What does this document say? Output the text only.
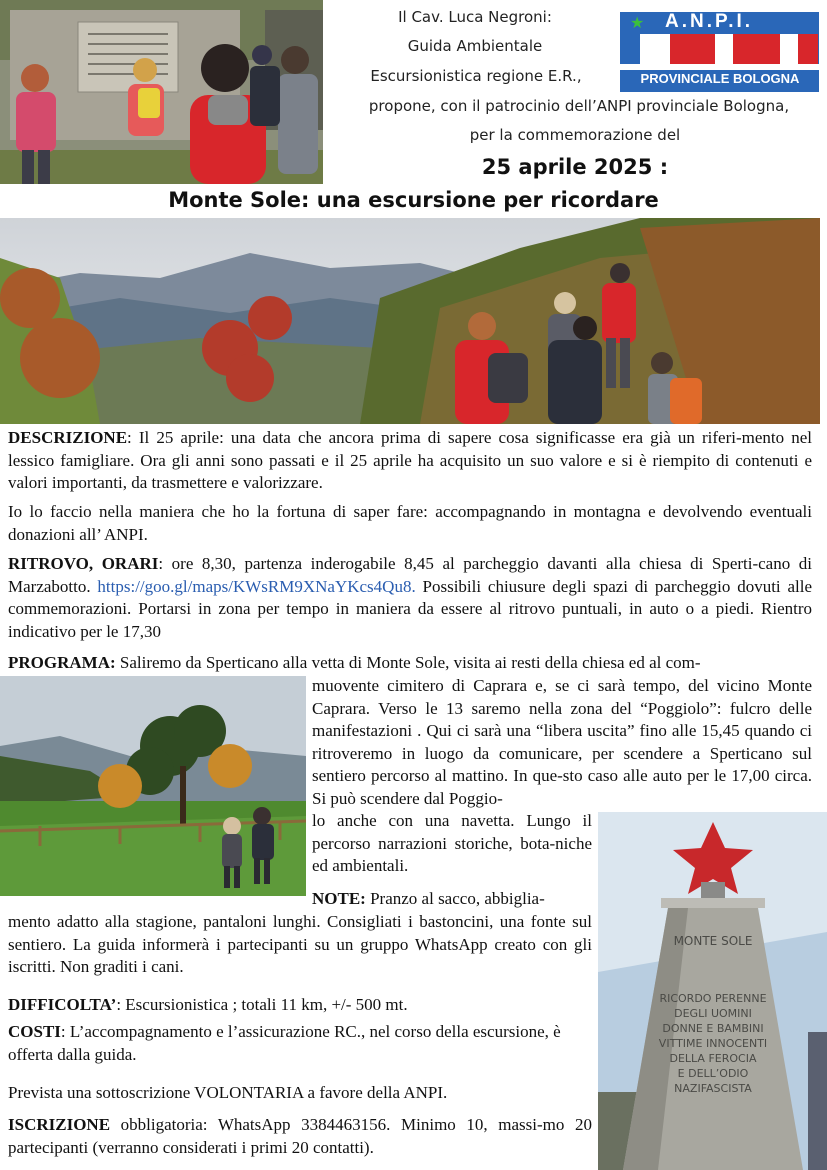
Il Cav. Luca Negroni:
Guida Ambientale
Escursionistica regione E.R.,
propone, con il patrocinio dell’ANPI provinciale Bologna,
per la commemorazione del
25 aprile 2025 :
Monte Sole: una escursione per ricordare
★ A.N.P.I.
PROVINCIALE BOLOGNA
DESCRIZIONE: Il 25 aprile: una data che ancora prima di sapere cosa significasse era già un riferi-mento nel lessico famigliare. Ora gli anni sono passati e il 25 aprile ha acquisito un suo valore e si è riempito di contenuti e valori importanti, da trasmettere e valorizzare.
Io lo faccio nella maniera che ho la fortuna di saper fare: accompagnando in montagna e devolvendo eventuali donazioni all’ ANPI.
RITROVO, ORARI: ore 8,30, partenza inderogabile 8,45 al parcheggio davanti alla chiesa di Sperti-cano di Marzabotto. https://goo.gl/maps/KWsRM9XNaYKcs4Qu8. Possibili chiusure degli spazi di parcheggio dovuti alle commemorazioni. Portarsi in zona per tempo in maniera da essere al ritrovo puntuali, in auto o a piedi. Rientro indicativo per le 17,30
PROGRAMA: Saliremo da Sperticano alla vetta di Monte Sole, visita ai resti della chiesa ed al com-
muovente cimitero di Caprara e, se ci sarà tempo, del vicino Monte Caprara. Verso le 13 saremo nella zona del “Poggiolo”: fulcro delle manifestazioni . Qui ci sarà una “libera uscita” fino alle 15,45 quando ci ritroveremo in luogo da comunicare, per scendere a Sperticano sul sentiero percorso al mattino. In que-sto caso alle auto per le 17,00 circa. Si può scendere dal Poggio-
lo anche con una navetta. Lungo il percorso narrazioni storiche, bota-niche ed ambientali.
NOTE: Pranzo al sacco, abbiglia-
mento adatto alla stagione, pantaloni lunghi. Consigliati i bastoncini, una fonte sul sentiero. La guida informerà i partecipanti su un gruppo WhatsApp creato con gli iscritti. Non graditi i cani.
DIFFICOLTA’: Escursionistica ; totali 11 km, +/- 500 mt.
COSTI: L’accompagnamento e l’assicurazione RC., nel corso della escursione, è offerta dalla guida.
Prevista una sottoscrizione VOLONTARIA a favore della ANPI.
ISCRIZIONE obbligatoria: WhatsApp 3384463156. Minimo 10, massi-mo 20 partecipanti (verranno considerati i primi 20 contatti).
MONTE SOLE
RICORDO PERENNE
DEGLI UOMINI
DONNE E BAMBINI
VITTIME INNOCENTI
DELLA FEROCIA
E DELL’ODIO
NAZIFASCISTA
